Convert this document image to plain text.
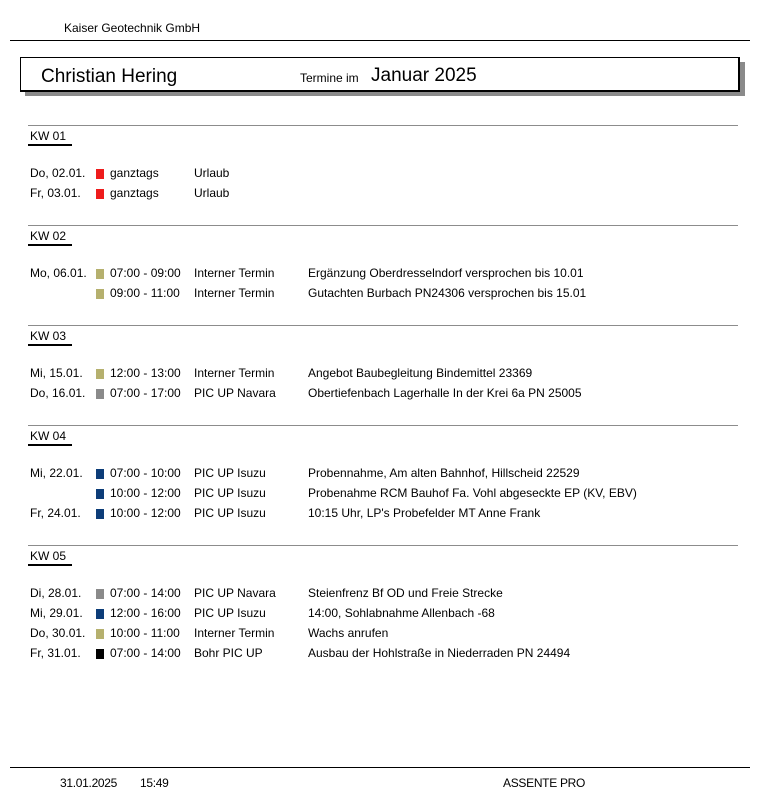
Kaiser Geotechnik GmbH
Christian Hering	Termine im Januar 2025
KW 01
Do, 02.01. ganztags	Urlaub
Fr, 03.01. ganztags	Urlaub
KW 02
Mo, 06.01. 07:00 - 09:00 Interner Termin	Ergänzung Oberdresselndorf versprochen bis 10.01
09:00 - 11:00 Interner Termin	Gutachten Burbach PN24306 versprochen bis 15.01
KW 03
Mi, 15.01. 12:00 - 13:00 Interner Termin	Angebot Baubegleitung Bindemittel 23369
Do, 16.01. 07:00 - 17:00 PIC UP Navara	Obertiefenbach Lagerhalle In der Krei 6a PN 25005
KW 04
Mi, 22.01. 07:00 - 10:00 PIC UP Isuzu	Probennahme, Am alten Bahnhof, Hillscheid 22529
10:00 - 12:00 PIC UP Isuzu	Probenahme RCM Bauhof Fa. Vohl abgeseckte EP (KV, EBV)
Fr, 24.01. 10:00 - 12:00 PIC UP Isuzu	10:15 Uhr, LP's Probefelder MT Anne Frank
KW 05
Di, 28.01. 07:00 - 14:00 PIC UP Navara	Steienfrenz Bf OD und Freie Strecke
Mi, 29.01. 12:00 - 16:00 PIC UP Isuzu	14:00, Sohlabnahme Allenbach -68
Do, 30.01. 10:00 - 11:00 Interner Termin	Wachs anrufen
Fr, 31.01. 07:00 - 14:00 Bohr PIC UP	Ausbau der Hohlstraße in Niederraden PN 24494
31.01.2025 15:49	ASSENTE PRO
